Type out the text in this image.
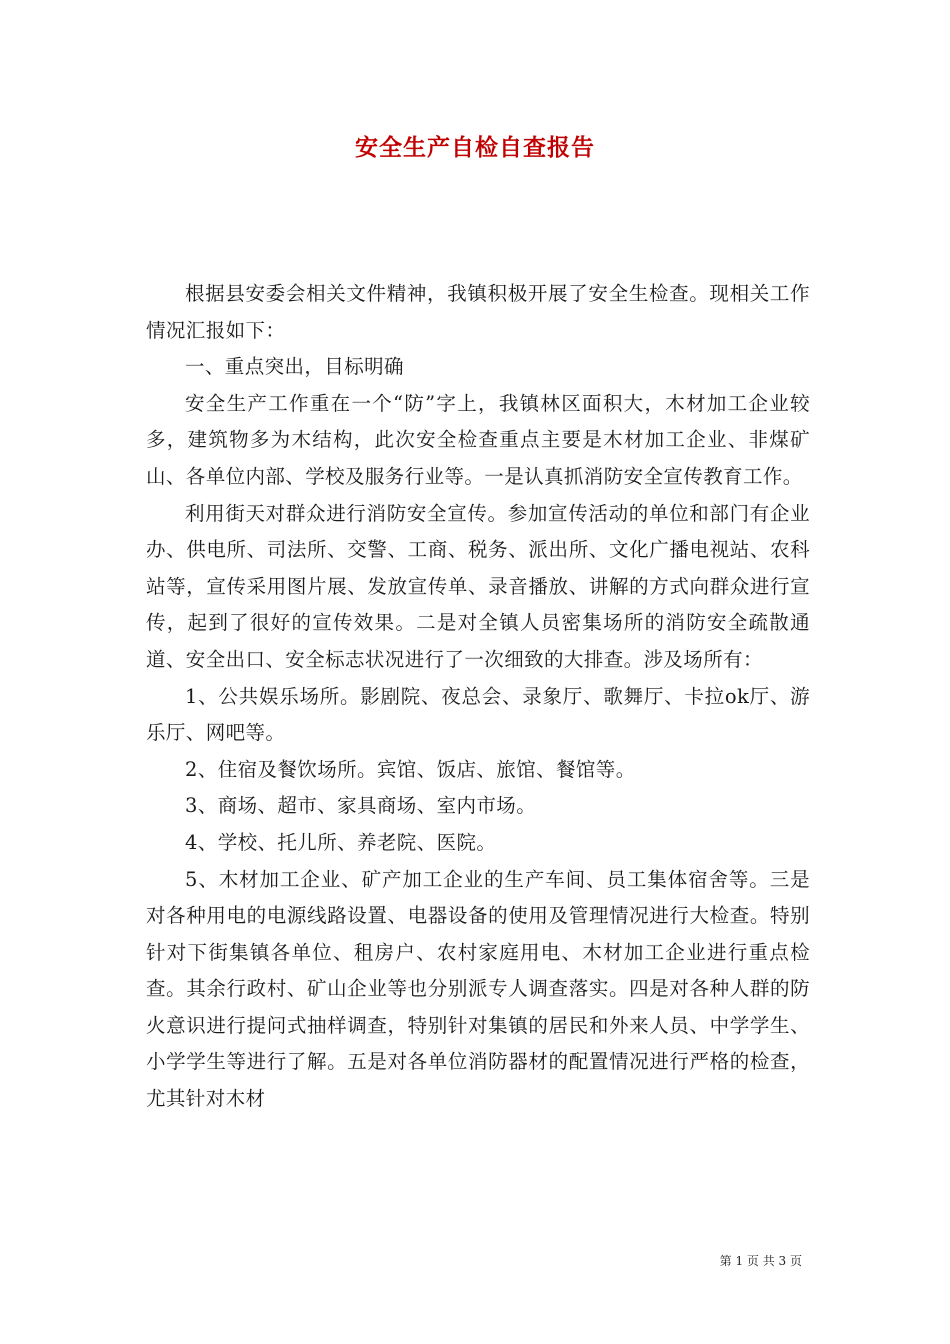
安全生产自检自查报告

根据县安委会相关文件精神，我镇积极开展了安全生检查。现相关工作情况汇报如下：

一、重点突出，目标明确

安全生产工作重在一个“防”字上，我镇林区面积大，木材加工企业较多，建筑物多为木结构，此次安全检查重点主要是木材加工企业、非煤矿山、各单位内部、学校及服务行业等。一是认真抓消防安全宣传教育工作。

利用街天对群众进行消防安全宣传。参加宣传活动的单位和部门有企业办、供电所、司法所、交警、工商、税务、派出所、文化广播电视站、农科站等，宣传采用图片展、发放宣传单、录音播放、讲解的方式向群众进行宣传，起到了很好的宣传效果。二是对全镇人员密集场所的消防安全疏散通道、安全出口、安全标志状况进行了一次细致的大排查。涉及场所有：

1、公共娱乐场所。影剧院、夜总会、录象厅、歌舞厅、卡拉ok厅、游乐厅、网吧等。

2、住宿及餐饮场所。宾馆、饭店、旅馆、餐馆等。

3、商场、超市、家具商场、室内市场。

4、学校、托儿所、养老院、医院。

5、木材加工企业、矿产加工企业的生产车间、员工集体宿舍等。三是对各种用电的电源线路设置、电器设备的使用及管理情况进行大检查。特别针对下街集镇各单位、租房户、农村家庭用电、木材加工企业进行重点检查。其余行政村、矿山企业等也分别派专人调查落实。四是对各种人群的防火意识进行提问式抽样调查，特别针对集镇的居民和外来人员、中学学生、小学学生等进行了解。五是对各单位消防器材的配置情况进行严格的检查，尤其针对木材

第 1 页 共 3 页
